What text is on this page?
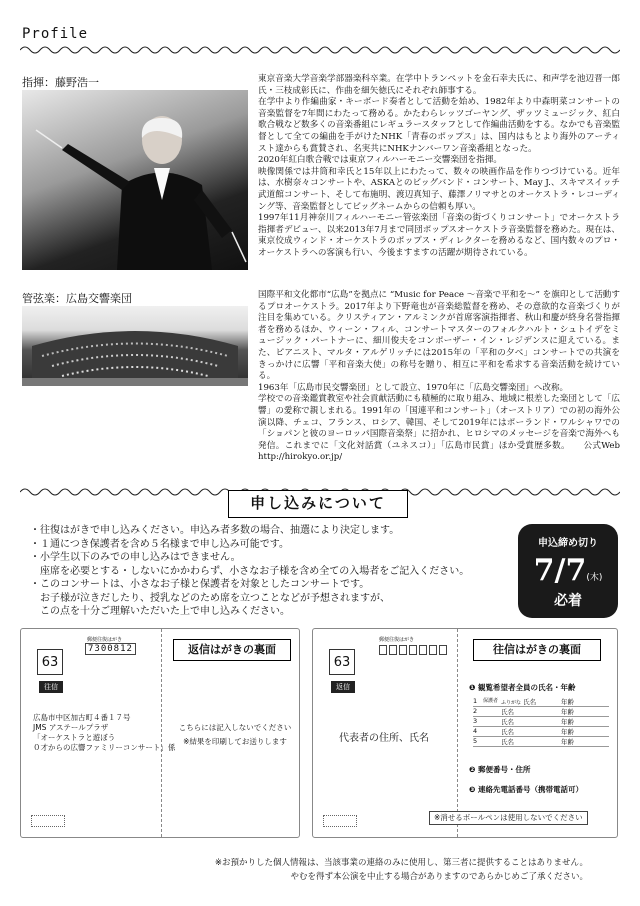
Profile
指揮：藤野浩一	東京音楽大学音楽学部器楽科卒業。在学中トランペットを金石幸夫氏に、和声学を池辺晋一郎氏・三枝成彰氏に、作曲を細矢徳氏にそれぞれ師事する。

在学中より作編曲家・キーボード奏者として活動を始め、1982年より中森明菜コンサートの音楽監督を7年間にわたって務める。かたわらレッツゴーヤング、ザッツミュージック、紅白歌合戦など数多くの音楽番組にレギュラースタッフとして作編曲活動をする。なかでも音楽監督として全ての編曲を手がけたNHK「青春のポップス」は、国内はもとより海外のアーティスト達からも賞賛され、名実共にNHKナンバーワン音楽番組となった。

2020年紅白歌合戦では東京フィルハーモニー交響楽団を指揮。

映像関係では井筒和幸氏と15年以上にわたって、数々の映画作品を作りつづけている。近年は、水樹奈々コンサートや、ASKAとのビッグバンド・コンサート、May J.、スキマスイッチ武道館コンサート、そして布施明、渡辺真知子、藤澤ノリマサとのオーケストラ・レコーディング等、音楽監督としてビッグネームからの信頼も厚い。

1997年11月神奈川フィルハーモニー管弦楽団「音楽の街づくりコンサート」でオーケストラ指揮者デビュー、以来2013年7月まで同団ポップスオーケストラ音楽監督を務めた。現在は、東京佼成ウィンド・オーケストラのポップス・ディレクターを務めるなど、国内数々のプロ・オーケストラへの客演も行い、今後ますますの活躍が期待されている。

管弦楽：広島交響楽団	国際平和文化都市“広島”を拠点に “Music for Peace ～音楽で平和を～” を旗印として活動するプロオーケストラ。2017年より下野竜也が音楽総監督を務め、その意欲的な音楽づくりが注目を集めている。クリスティアン・アルミンクが首席客演指揮者、秋山和慶が終身名誉指揮者を務めるほか、ウィーン・フィル、コンサートマスターのフォルクハルト・シュトイデをミュージック・パートナーに、細川俊夫をコンポーザー・イン・レジデンスに迎えている。また、ピアニスト、マルタ・アルゲリッチには2015年の「平和の夕べ」コンサートでの共演をきっかけに広響「平和音楽大使」の称号を贈り、相互に平和を希求する音楽活動を続けている。

1963年「広島市民交響楽団」として設立、1970年に「広島交響楽団」へ改称。

学校での音楽鑑賞教室や社会貢献活動にも積極的に取り組み、地域に根差した楽団として「広響」の愛称で親しまれる。1991年の「国連平和コンサート」（オーストリア）での初の海外公演以降、チェコ、フランス、ロシア、韓国、そして2019年にはポーランド・ワルシャワでの「ショパンと彼のヨーロッパ国際音楽祭」に招かれ、ヒロシマのメッセージを音楽で海外へも発信。これまでに「文化対話賞（ユネスコ）」「広島市民賞」ほか受賞歴多数。　　公式Web　http://hirokyo.or.jp/

申し込みについて
・往復はがきで申し込みください。申込み者多数の場合、抽選により決定します。
・１通につき保護者を含め５名様まで申し込み可能です。
・小学生以下のみでの申し込みはできません。
　座席を必要とする・しないにかかわらず、小さなお子様を含め全ての入場者をご記入ください。
・このコンサートは、小さなお子様と保護者を対象としたコンサートです。
　お子様が泣きだしたり、授乳などのため席を立つことなどが予想されますが、
　この点を十分ご理解いただいた上で申し込みください。
申込締め切り
7/7(木)
必着
郵便往復はがき
63
7300812
往信
広島市中区加古町４番１７号
JMS アステールプラザ
「オーケストラと遊ぼう
０才からの広響ファミリーコンサート」係
返信はがきの裏面
こちらには記入しないでください
※結果を印刷してお送りします
郵便往復はがき
63
返信
代表者の住所、氏名
往信はがきの裏面
❶ 観覧希望者全員の氏名・年齢
1	保護者 ふりがな 氏名	年齢
2	氏名	年齢
3	氏名	年齢
4	氏名	年齢
5	氏名	年齢
❷ 郵便番号・住所
❸ 連絡先電話番号（携帯電話可）
※消せるボールペンは使用しないでください
※お預かりした個人情報は、当該事業の連絡のみに使用し、第三者に提供することはありません。
やむを得ず本公演を中止する場合がありますのであらかじめご了承ください。
